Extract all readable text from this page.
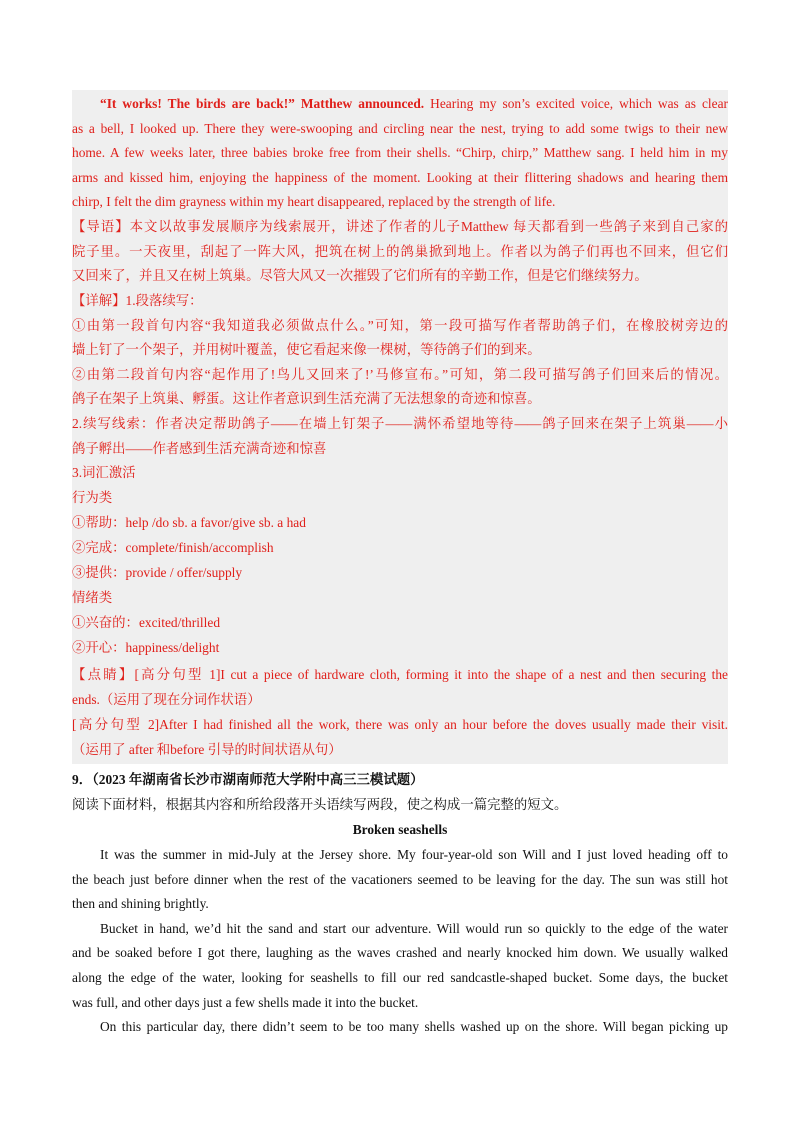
“It works! The birds are back!” Matthew announced. Hearing my son’s excited voice, which was as clear
as a bell, I looked up. There they were-swooping and circling near the nest, trying to add some twigs to their new
home. A few weeks later, three babies broke free from their shells. “Chirp, chirp,” Matthew sang. I held him in my
arms and kissed him, enjoying the happiness of the moment. Looking at their flittering shadows and hearing them
chirp, I felt the dim grayness within my heart disappeared, replaced by the strength of life.
【导语】本文以故事发展顺序为线索展开，讲述了作者的儿子Matthew 每天都看到一些鸽子来到自己家的
院子里。一天夜里，刮起了一阵大风，把筑在树上的鸽巢掀到地上。作者以为鸽子们再也不回来，但它们
又回来了，并且又在树上筑巢。尽管大风又一次摧毁了它们所有的辛勤工作，但是它们继续努力。
【详解】1.段落续写：
①由第一段首句内容“我知道我必须做点什么。”可知，第一段可描写作者帮助鸽子们，在橡胶树旁边的
墙上钉了一个架子，并用树叶覆盖，使它看起来像一棵树，等待鸽子们的到来。
②由第二段首句内容“起作用了!鸟儿又回来了!’马修宣布。”可知，第二段可描写鸽子们回来后的情况。
鸽子在架子上筑巢、孵蛋。这让作者意识到生活充满了无法想象的奇迹和惊喜。
2.续写线索：作者决定帮助鸽子——在墙上钉架子——满怀希望地等待——鸽子回来在架子上筑巢——小
鸽子孵出——作者感到生活充满奇迹和惊喜
3.词汇激活
行为类
①帮助：help /do sb. a favor/give sb. a had
②完成：complete/finish/accomplish
③提供：provide / offer/supply
情绪类
①兴奋的：excited/thrilled
②开心：happiness/delight
【点睛】[高分句型 1]I cut a piece of hardware cloth, forming it into the shape of a nest and then securing the
ends.（运用了现在分词作状语）
[高分句型 2]After I had finished all the work, there was only an hour before the doves usually made their visit.
（运用了 after 和before 引导的时间状语从句）
9．（2023 年湖南省长沙市湖南师范大学附中高三三模试题）
阅读下面材料，根据其内容和所给段落开头语续写两段，使之构成一篇完整的短文。
Broken seashells
It was the summer in mid-July at the Jersey shore. My four-year-old son Will and I just loved heading off to
the beach just before dinner when the rest of the vacationers seemed to be leaving for the day. The sun was still hot
then and shining brightly.
Bucket in hand, we’d hit the sand and start our adventure. Will would run so quickly to the edge of the water
and be soaked before I got there, laughing as the waves crashed and nearly knocked him down. We usually walked
along the edge of the water, looking for seashells to fill our red sandcastle-shaped bucket. Some days, the bucket
was full, and other days just a few shells made it into the bucket.
On this particular day, there didn’t seem to be too many shells washed up on the shore. Will began picking up
